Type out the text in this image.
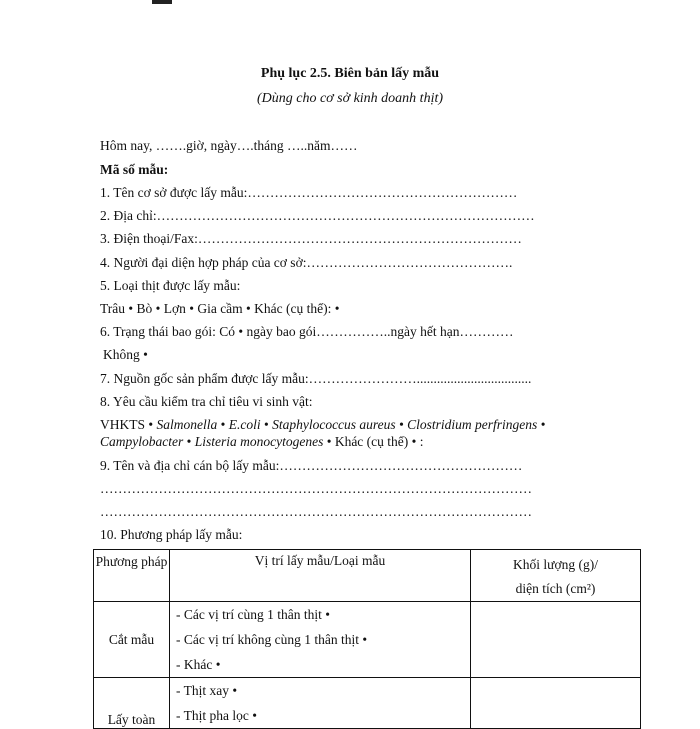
Phụ lục 2.5. Biên bản lấy mẫu
(Dùng cho cơ sở kinh doanh thịt)
Hôm nay, …….giờ, ngày….tháng …..năm……
Mã số mẫu:
1. Tên cơ sở được lấy mẫu:……………………………………………………
2. Địa chỉ:…………………………………………………………………………
3. Điện thoại/Fax:………………………………………………………………
4. Người đại diện hợp pháp của cơ sở:……………………………………….
5. Loại thịt được lấy mẫu:
Trâu • Bò • Lợn • Gia cầm • Khác (cụ thể): •
6. Trạng thái bao gói: Có • ngày bao gói……………..ngày hết hạn…………
Không •
7. Nguồn gốc sản phẩm được lấy mẫu:……………………..................................
8. Yêu cầu kiểm tra chỉ tiêu vi sinh vật:
VHKTS • Salmonella • E.coli • Staphylococcus aureus • Clostridium perfringens •
Campylobacter • Listeria monocytogenes • Khác (cụ thể) • :
9. Tên và địa chỉ cán bộ lấy mẫu:………………………………………………
……………………………………………………………………………………
……………………………………………………………………………………
10. Phương pháp lấy mẫu:
Phương pháp	Vị trí lấy mẫu/Loại mẫu	Khối lượng (g)/
diện tích (cm²)

Cắt mẫu	- Các vị trí cùng 1 thân thịt •
- Các vị trí không cùng 1 thân thịt •
- Khác •	

Lấy toàn	- Thịt xay •
- Thịt pha lọc •	
